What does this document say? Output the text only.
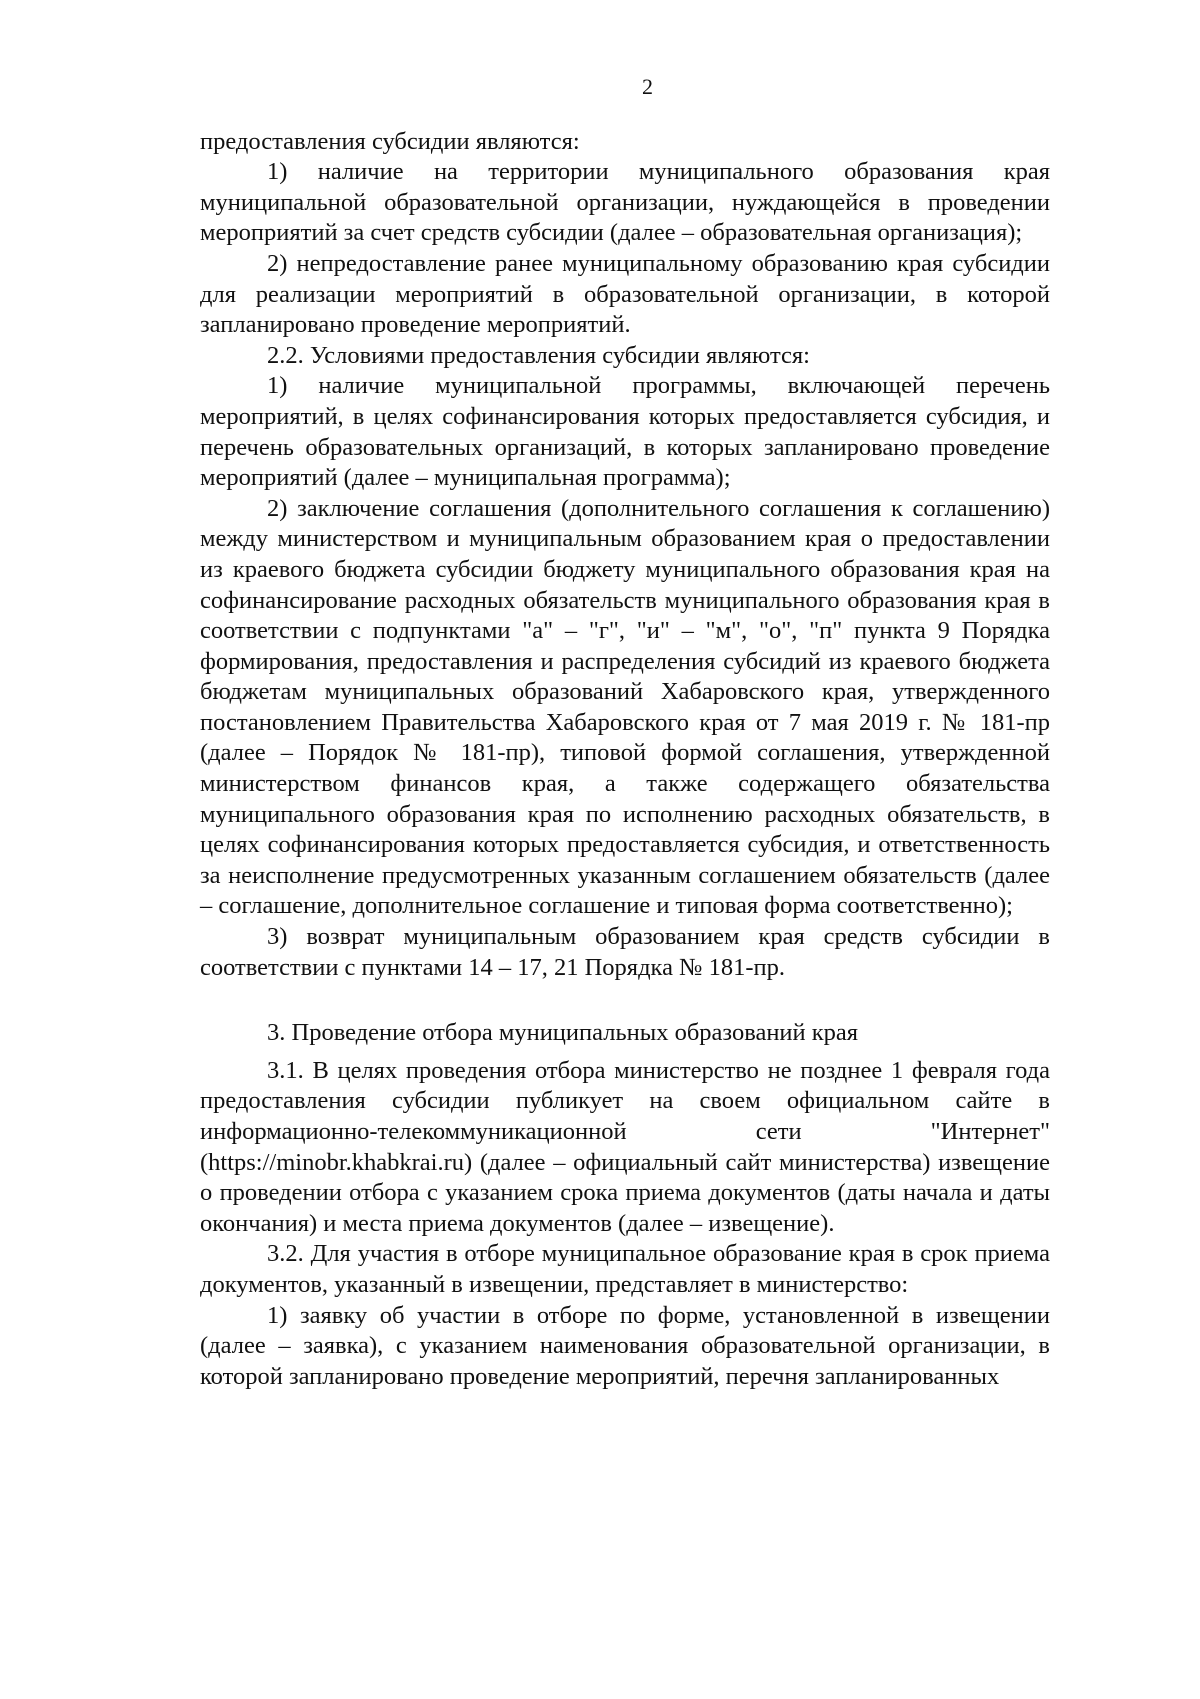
2

предоставления субсидии являются:

1) наличие на территории муниципального образования края муниципальной образовательной организации, нуждающейся в проведении мероприятий за счет средств субсидии (далее – образовательная организация);

2) непредоставление ранее муниципальному образованию края субсидии для реализации мероприятий в образовательной организации, в которой запланировано проведение мероприятий.

2.2. Условиями предоставления субсидии являются:

1) наличие муниципальной программы, включающей перечень мероприятий, в целях софинансирования которых предоставляется субсидия, и перечень образовательных организаций, в которых запланировано проведение мероприятий (далее – муниципальная программа);

2) заключение соглашения (дополнительного соглашения к соглашению) между министерством и муниципальным образованием края о предоставлении из краевого бюджета субсидии бюджету муниципального образования края на софинансирование расходных обязательств муниципального образования края в соответствии с подпунктами "а" – "г", "и" – "м", "о", "п" пункта 9 Порядка формирования, предоставления и распределения субсидий из краевого бюджета бюджетам муниципальных образований Хабаровского края, утвержденного постановлением Правительства Хабаровского края от 7 мая 2019 г. № 181-пр (далее – Порядок № 181-пр), типовой формой соглашения, утвержденной министерством финансов края, а также содержащего обязательства муниципального образования края по исполнению расходных обязательств, в целях софинансирования которых предоставляется субсидия, и ответственность за неисполнение предусмотренных указанным соглашением обязательств (далее – соглашение, дополнительное соглашение и типовая форма соответственно);

3) возврат муниципальным образованием края средств субсидии в соответствии с пунктами 14 – 17, 21 Порядка № 181-пр.

3. Проведение отбора муниципальных образований края

3.1. В целях проведения отбора министерство не позднее 1 февраля года предоставления субсидии публикует на своем официальном сайте в информационно-телекоммуникационной сети "Интернет" (https://minobr.khabkrai.ru) (далее – официальный сайт министерства) извещение о проведении отбора с указанием срока приема документов (даты начала и даты окончания) и места приема документов (далее – извещение).

3.2. Для участия в отборе муниципальное образование края в срок приема документов, указанный в извещении, представляет в министерство:

1) заявку об участии в отборе по форме, установленной в извещении (далее – заявка), с указанием наименования образовательной организации, в которой запланировано проведение мероприятий, перечня запланированных
